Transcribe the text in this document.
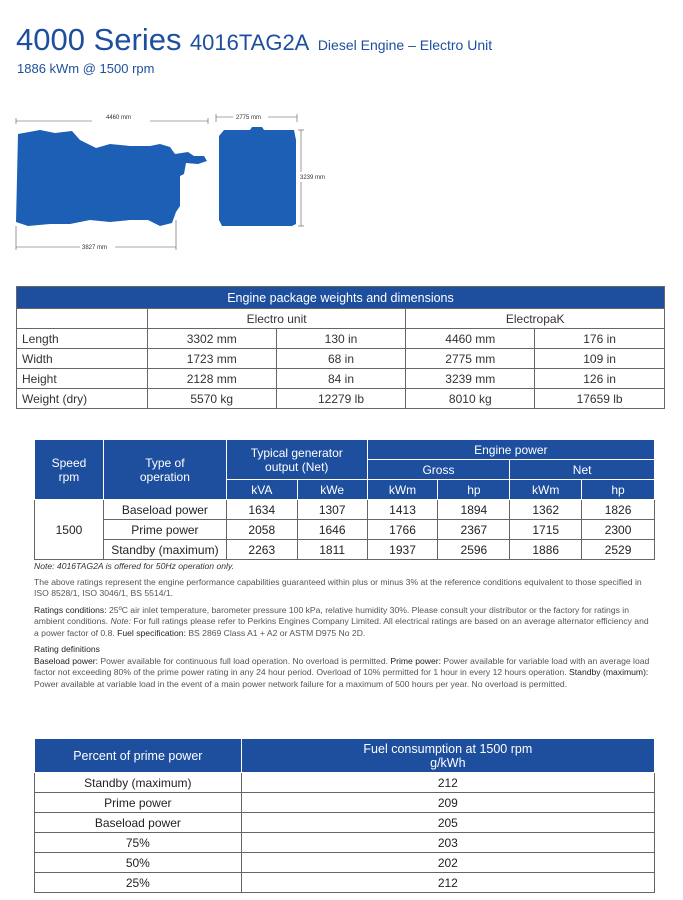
4000 Series 4016TAG2A Diesel Engine – Electro Unit
1886 kWm @ 1500 rpm
4460 mm
3827 mm
2775 mm
3239 mm
Engine package weights and dimensions				
	Electro unit		ElectropaK	
Length	3302 mm	130 in	4460 mm	176 in
Width	1723 mm	68 in	2775 mm	109 in
Height	2128 mm	84 in	3239 mm	126 in
Weight (dry)	5570 kg	12279 lb	8010 kg	17659 lb
Speed rpm	Type of operation	Typical generator output (Net)		Engine power			
				Gross		Net	
		kVA	kWe	kWm	hp	kWm	hp
1500	Baseload power	1634	1307	1413	1894	1362	1826
	Prime power	2058	1646	1766	2367	1715	2300
	Standby (maximum)	2263	1811	1937	2596	1886	2529

Note: 4016TAG2A is offered for 50Hz operation only.

The above ratings represent the engine performance capabilities guaranteed within plus or minus 3% at the reference conditions equivalent to those specified in ISO 8528/1, ISO 3046/1, BS 5514/1.

Ratings conditions: 25ºC air inlet temperature, barometer pressure 100 kPa, relative humidity 30%. Please consult your distributor or the factory for ratings in ambient conditions. Note: For full ratings please refer to Perkins Engines Company Limited. All electrical ratings are based on an average alternator efficiency and a power factor of 0.8. Fuel specification: BS 2869 Class A1 + A2 or ASTM D975 No 2D.

Rating definitions
Baseload power: Power available for continuous full load operation. No overload is permitted. Prime power: Power available for variable load with an average load factor not exceeding 80% of the prime power rating in any 24 hour period. Overload of 10% permitted for 1 hour in every 12 hours operation. Standby (maximum): Power available at variable load in the event of a main power network failure for a maximum of 500 hours per year. No overload is permitted.

Percent of prime power	Fuel consumption at 1500 rpm
g/kWh
Standby (maximum)	212
Prime power	209
Baseload power	205
75%	203
50%	202
25%	212
